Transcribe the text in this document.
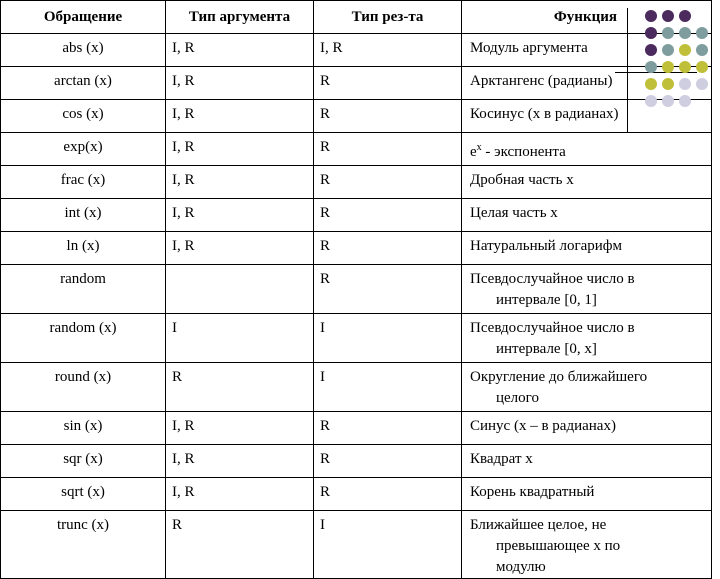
Обращение	Тип аргумента	Тип рез-та	Функция
abs (x)	I, R	I, R	Модуль аргумента
arctan (x)	I, R	R	Арктангенс (радианы)
cos (x)	I, R	R	Косинус (x в радианах)
exp(x)	I, R	R	$e^x$ - экспонента
frac (x)	I, R	R	Дробная часть x
int (x)	I, R	R	Целая часть x
ln (x)	I, R	R	Натуральный логарифм
random		R	Псевдослучайное число в
интервале [0, 1]

random (x)	I	I	Псевдослучайное число в
интервале [0, x]

round (x)	R	I	Округление до ближайшего
целого

sin (x)	I, R	R	Синус (x – в радианах)
sqr (x)	I, R	R	Квадрат x
sqrt (x)	I, R	R	Корень квадратный
trunc (x)	R	I	Ближайшее целое, не
превышающее x по
модулю
